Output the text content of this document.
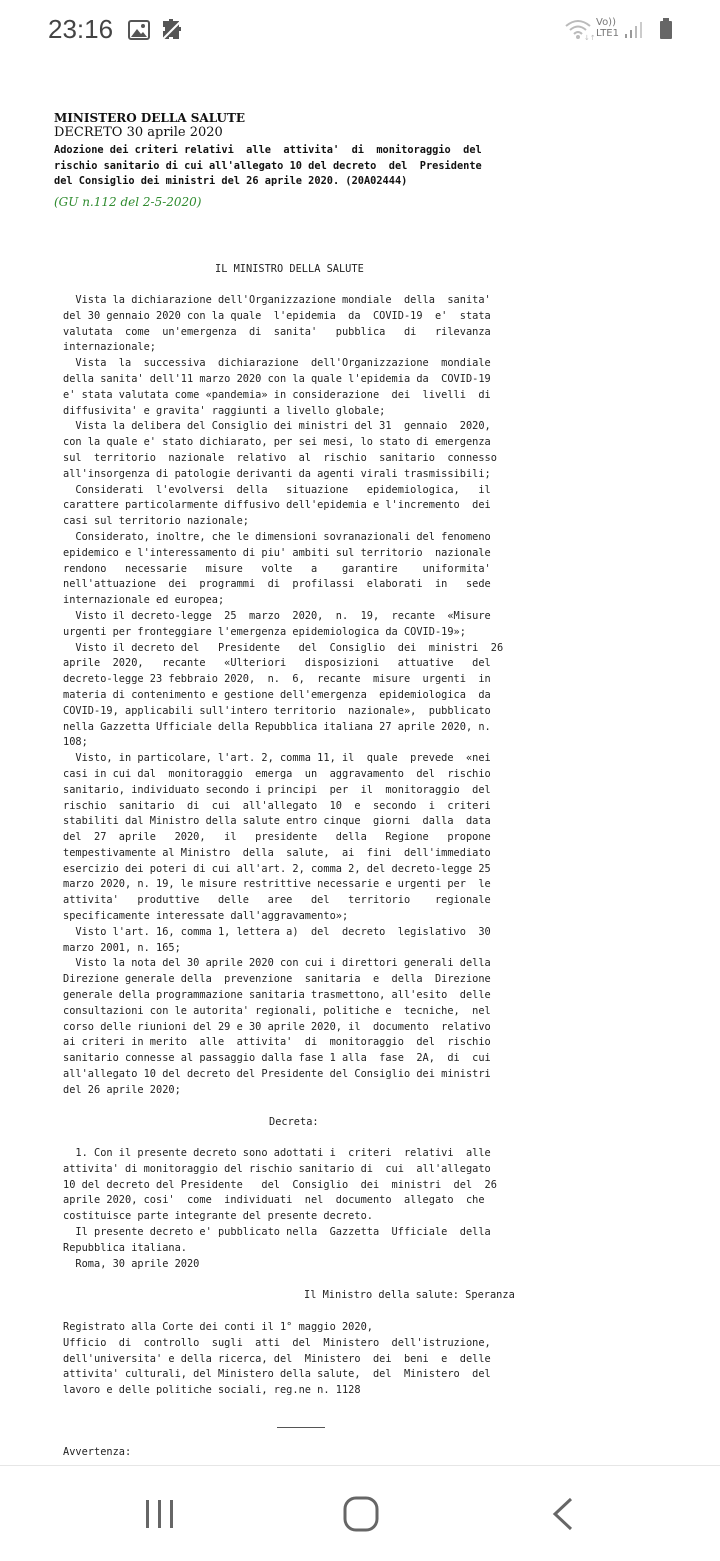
23:16	↓↑
Vo))
LTE1
MINISTERO DELLA SALUTE
DECRETO 30 aprile 2020
Adozione dei criteri relativi  alle  attivita'  di  monitoraggio  del
rischio sanitario di cui all'allegato 10 del decreto  del  Presidente
del Consiglio dei ministri del 26 aprile 2020. (20A02444)
(GU n.112 del 2-5-2020)
IL MINISTRO DELLA SALUTE
Vista la dichiarazione dell'Organizzazione mondiale  della  sanita'
del 30 gennaio 2020 con la quale  l'epidemia  da  COVID-19  e'  stata
valutata  come  un'emergenza  di  sanita'   pubblica   di   rilevanza
internazionale;
Vista  la  successiva  dichiarazione  dell'Organizzazione  mondiale
della sanita' dell'11 marzo 2020 con la quale l'epidemia da  COVID-19
e' stata valutata come «pandemia» in considerazione  dei  livelli  di
diffusivita' e gravita' raggiunti a livello globale;
Vista la delibera del Consiglio dei ministri del 31  gennaio  2020,
con la quale e' stato dichiarato, per sei mesi, lo stato di emergenza
sul  territorio  nazionale  relativo  al  rischio  sanitario  connesso
all'insorgenza di patologie derivanti da agenti virali trasmissibili;
Considerati  l'evolversi  della   situazione   epidemiologica,   il
carattere particolarmente diffusivo dell'epidemia e l'incremento  dei
casi sul territorio nazionale;
Considerato, inoltre, che le dimensioni sovranazionali del fenomeno
epidemico e l'interessamento di piu' ambiti sul territorio  nazionale
rendono   necessarie   misure   volte   a    garantire    uniformita'
nell'attuazione  dei  programmi  di  profilassi  elaborati  in   sede
internazionale ed europea;
Visto il decreto-legge  25  marzo  2020,  n.  19,  recante  «Misure
urgenti per fronteggiare l'emergenza epidemiologica da COVID-19»;
Visto il decreto del   Presidente   del  Consiglio  dei  ministri  26
aprile  2020,   recante   «Ulteriori   disposizioni   attuative   del
decreto-legge 23 febbraio 2020,  n.  6,  recante  misure  urgenti  in
materia di contenimento e gestione dell'emergenza  epidemiologica  da
COVID-19, applicabili sull'intero territorio  nazionale»,  pubblicato
nella Gazzetta Ufficiale della Repubblica italiana 27 aprile 2020, n.
108;
Visto, in particolare, l'art. 2, comma 11, il  quale  prevede  «nei
casi in cui dal  monitoraggio  emerga  un  aggravamento  del  rischio
sanitario, individuato secondo i principi  per  il  monitoraggio  del
rischio  sanitario  di  cui  all'allegato  10  e  secondo  i  criteri
stabiliti dal Ministro della salute entro cinque  giorni  dalla  data
del  27  aprile   2020,   il   presidente   della   Regione   propone
tempestivamente al Ministro  della  salute,  ai  fini  dell'immediato
esercizio dei poteri di cui all'art. 2, comma 2, del decreto-legge 25
marzo 2020, n. 19, le misure restrittive necessarie e urgenti per  le
attivita'   produttive   delle   aree   del   territorio    regionale
specificamente interessate dall'aggravamento»;
Visto l'art. 16, comma 1, lettera a)  del  decreto  legislativo  30
marzo 2001, n. 165;
Visto la nota del 30 aprile 2020 con cui i direttori generali della
Direzione generale della  prevenzione  sanitaria  e  della  Direzione
generale della programmazione sanitaria trasmettono, all'esito  delle
consultazioni con le autorita' regionali, politiche e  tecniche,  nel
corso delle riunioni del 29 e 30 aprile 2020, il  documento  relativo
ai criteri in merito  alle  attivita'  di  monitoraggio  del  rischio
sanitario connesse al passaggio dalla fase 1 alla  fase  2A,  di  cui
all'allegato 10 del decreto del Presidente del Consiglio dei ministri
del 26 aprile 2020;
Decreta:
1. Con il presente decreto sono adottati i  criteri  relativi  alle
attivita' di monitoraggio del rischio sanitario di  cui  all'allegato
10 del decreto del Presidente   del  Consiglio  dei  ministri  del  26
aprile 2020, cosi'  come  individuati  nel  documento  allegato  che
costituisce parte integrante del presente decreto.
Il presente decreto e' pubblicato nella  Gazzetta  Ufficiale  della
Repubblica italiana.
Roma, 30 aprile 2020
Il Ministro della salute: Speranza
Registrato alla Corte dei conti il 1° maggio 2020,
Ufficio  di  controllo  sugli  atti  del  Ministero  dell'istruzione,
dell'universita' e della ricerca, del  Ministero  dei  beni  e  delle
attivita' culturali, del Ministero della salute,  del  Ministero  del
lavoro e delle politiche sociali, reg.ne n. 1128
Avvertenza:
